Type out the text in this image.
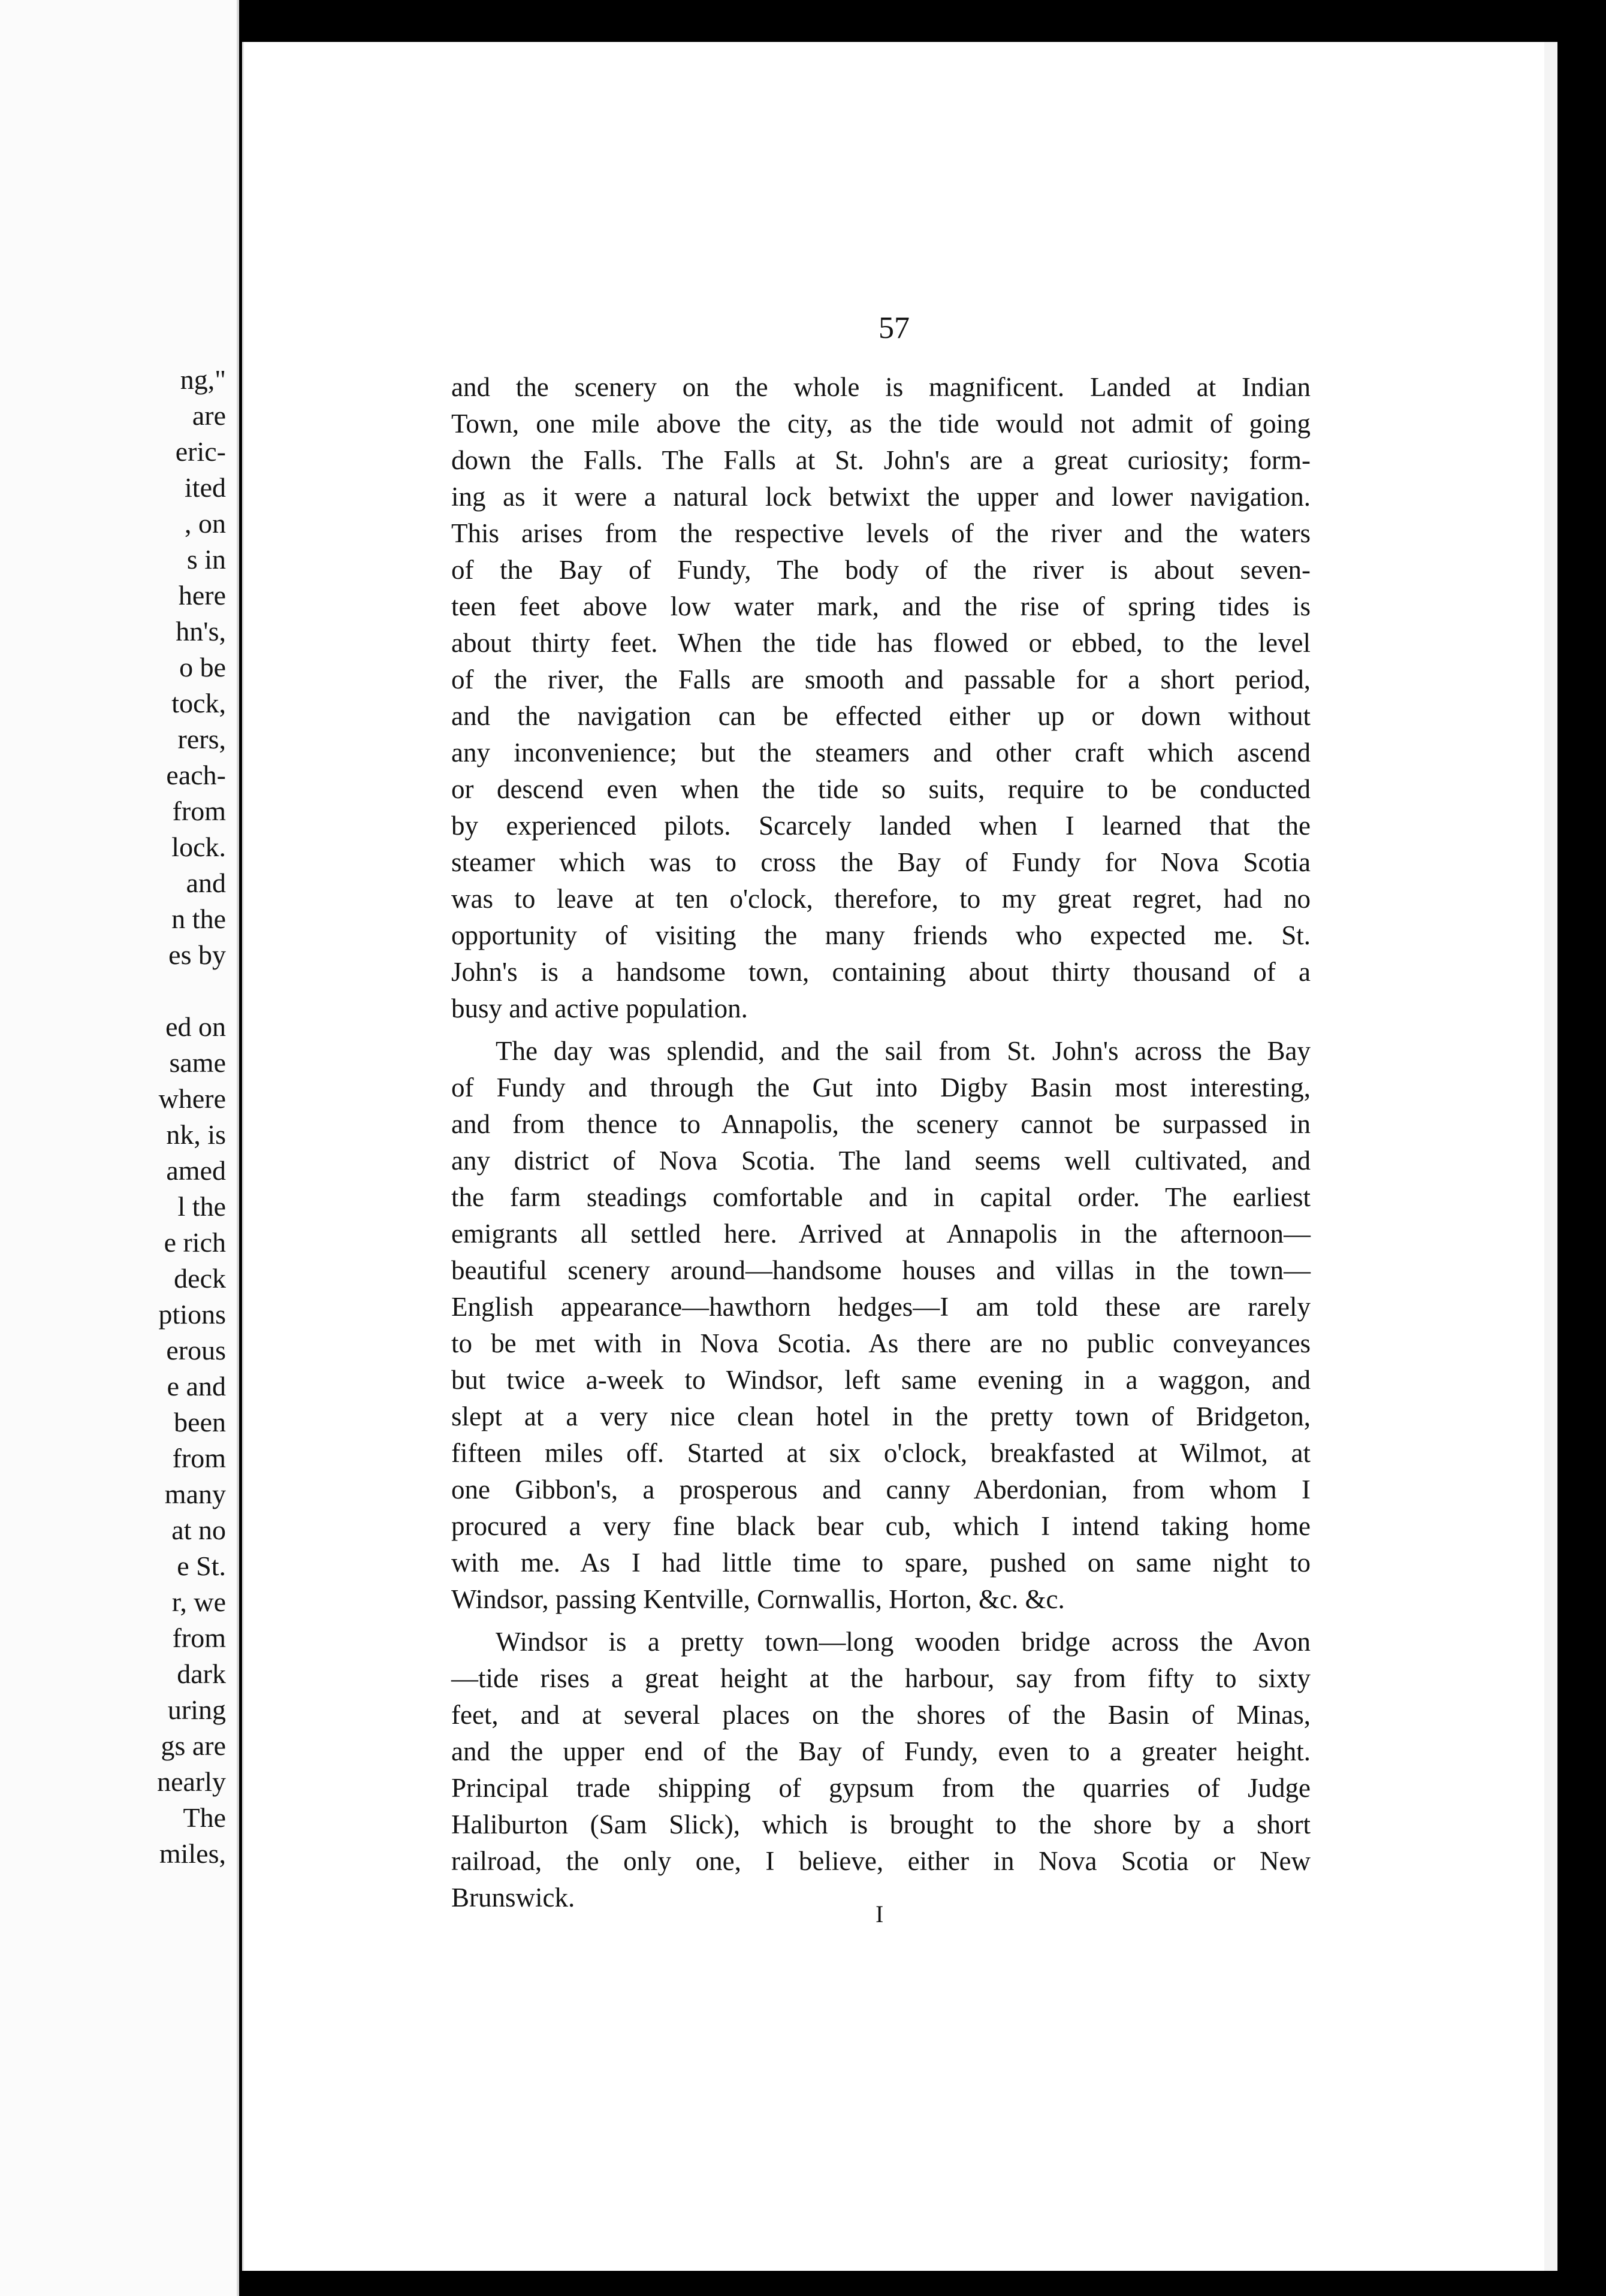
ng,"
are
eric-
ited
, on
s in
here
hn's,
o be
tock,
rers,
each-
from
lock.
and
n the
es by
ed on
same
where
nk, is
amed
l the
e rich
deck
ptions
erous
e and
been
from
many
at no
e St.
r, we
from
dark
uring
gs are
nearly
The
miles,
57
and the scenery on the whole is magnificent. Landed at Indian
Town, one mile above the city, as the tide would not admit of going
down the Falls. The Falls at St. John's are a great curiosity; form-
ing as it were a natural lock betwixt the upper and lower navigation.
This arises from the respective levels of the river and the waters
of the Bay of Fundy, The body of the river is about seven-
teen feet above low water mark, and the rise of spring tides is
about thirty feet. When the tide has flowed or ebbed, to the level
of the river, the Falls are smooth and passable for a short period,
and the navigation can be effected either up or down without
any inconvenience; but the steamers and other craft which ascend
or descend even when the tide so suits, require to be conducted
by experienced pilots. Scarcely landed when I learned that the
steamer which was to cross the Bay of Fundy for Nova Scotia
was to leave at ten o'clock, therefore, to my great regret, had no
opportunity of visiting the many friends who expected me. St.
John's is a handsome town, containing about thirty thousand of a
busy and active population.
The day was splendid, and the sail from St. John's across the Bay
of Fundy and through the Gut into Digby Basin most interesting,
and from thence to Annapolis, the scenery cannot be surpassed in
any district of Nova Scotia. The land seems well cultivated, and
the farm steadings comfortable and in capital order. The earliest
emigrants all settled here. Arrived at Annapolis in the afternoon—
beautiful scenery around—handsome houses and villas in the town—
English appearance—hawthorn hedges—I am told these are rarely
to be met with in Nova Scotia. As there are no public conveyances
but twice a-week to Windsor, left same evening in a waggon, and
slept at a very nice clean hotel in the pretty town of Bridgeton,
fifteen miles off. Started at six o'clock, breakfasted at Wilmot, at
one Gibbon's, a prosperous and canny Aberdonian, from whom I
procured a very fine black bear cub, which I intend taking home
with me. As I had little time to spare, pushed on same night to
Windsor, passing Kentville, Cornwallis, Horton, &c. &c.
Windsor is a pretty town—long wooden bridge across the Avon
—tide rises a great height at the harbour, say from fifty to sixty
feet, and at several places on the shores of the Basin of Minas,
and the upper end of the Bay of Fundy, even to a greater height.
Principal trade shipping of gypsum from the quarries of Judge
Haliburton (Sam Slick), which is brought to the shore by a short
railroad, the only one, I believe, either in Nova Scotia or New
Brunswick.
I
